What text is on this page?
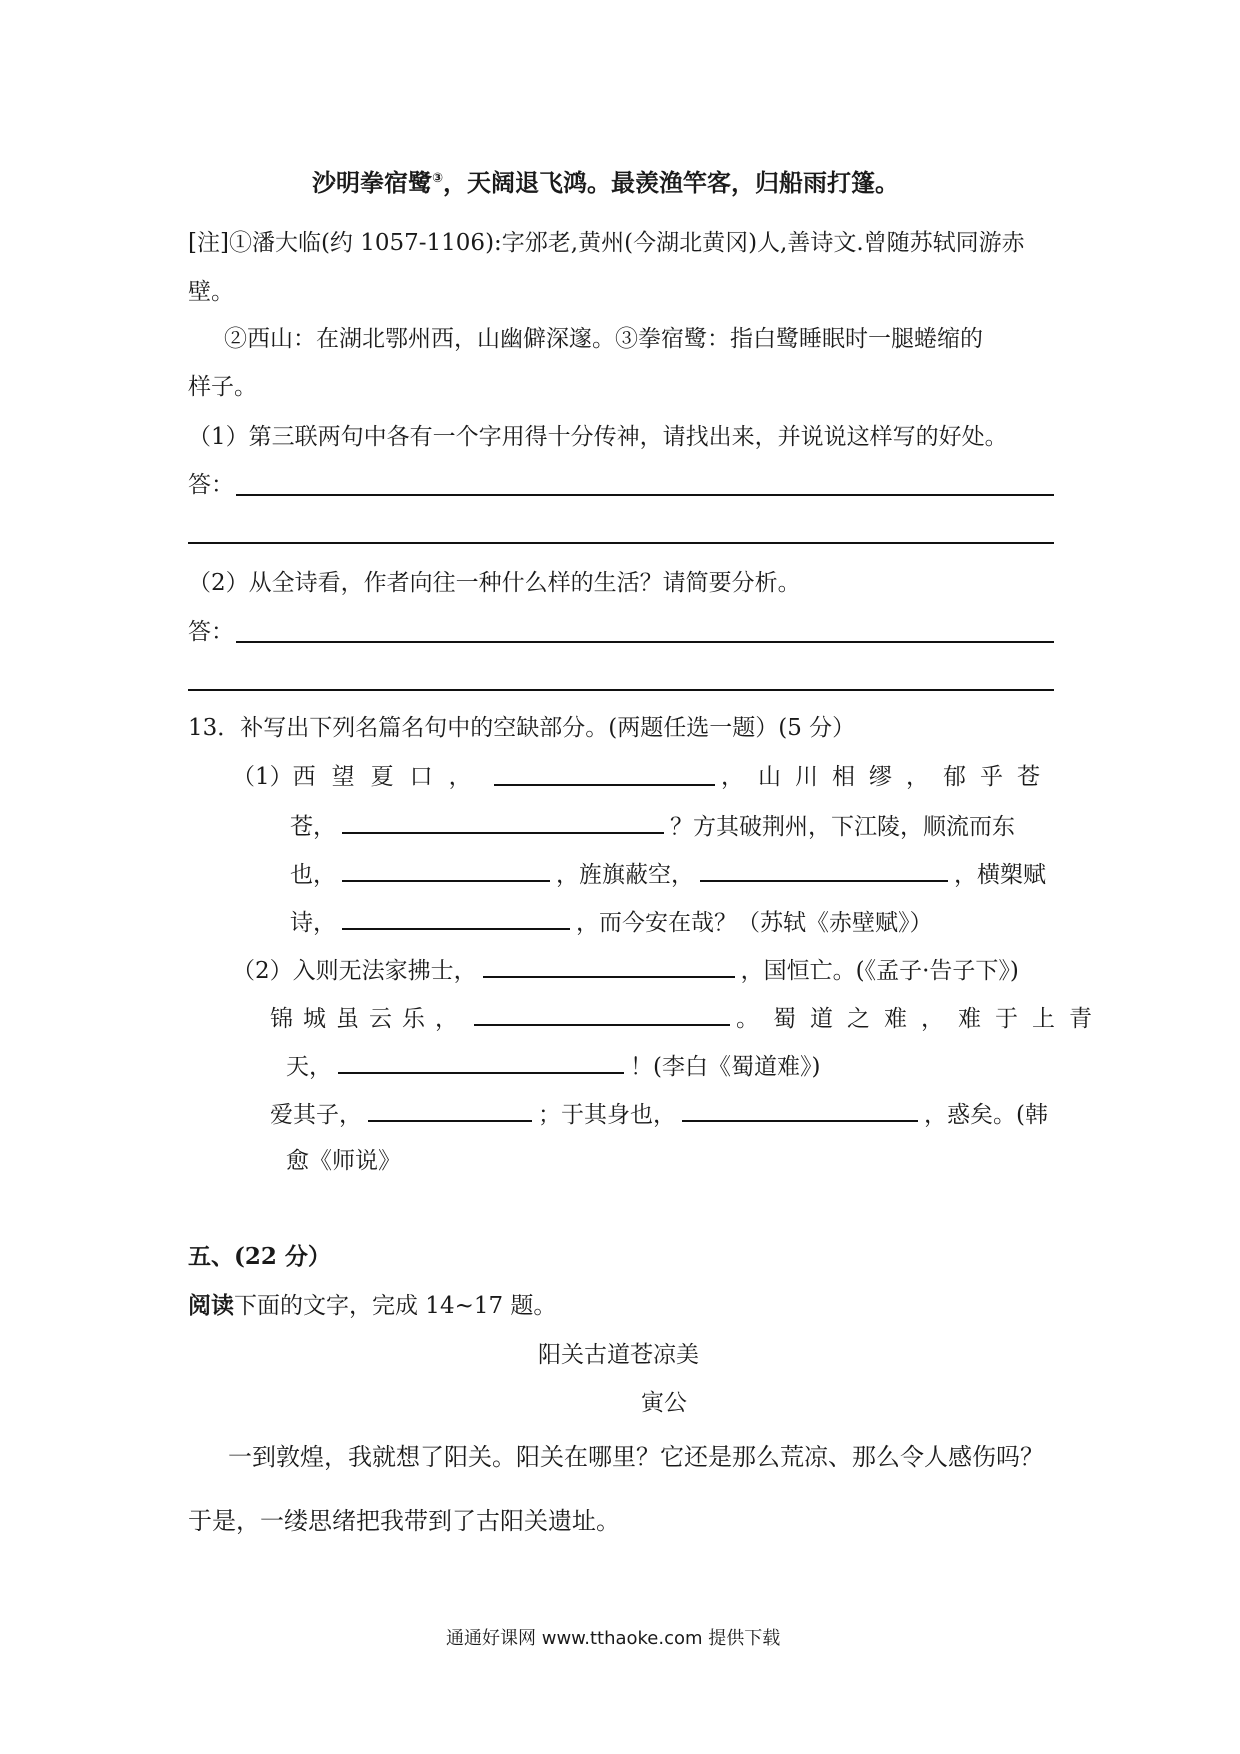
沙明拳宿鹭③，天阔退飞鸿。最羡渔竿客，归船雨打篷。
[注]①潘大临(约 1057-1106):字邠老,黄州(今湖北黄冈)人,善诗文.曾随苏轼同游赤
壁。
②西山：在湖北鄂州西，山幽僻深邃。③拳宿鹭：指白鹭睡眠时一腿蜷缩的
样子。
（1）第三联两句中各有一个字用得十分传神，请找出来，并说说这样写的好处。
答：
（2）从全诗看，作者向往一种什么样的生活？请简要分析。
答：
13．补写出下列名篇名句中的空缺部分。(两题任选一题）(5 分）
（1） 西望夏口，	，山川相缪，郁乎苍
苍，	？方其破荆州，下江陵，顺流而东
也，	，旌旗蔽空，	，横槊赋
诗，	，而今安在哉？（苏轼《赤壁赋》）
（2）入则无法家拂士，	，国恒亡。(《孟子·告子下》)
锦城虽云乐，	。蜀道之难，难于上青
天，	！(李白《蜀道难》)
爱其子，	；于其身也，	，惑矣。(韩
愈《师说》
五、(22 分）
阅读下面的文字，完成 14~17 题。
阳关古道苍凉美
寅公
一到敦煌，我就想了阳关。阳关在哪里？它还是那么荒凉、那么令人感伤吗？
于是，一缕思绪把我带到了古阳关遗址。
通通好课网 www.tthaoke.com 提供下载
